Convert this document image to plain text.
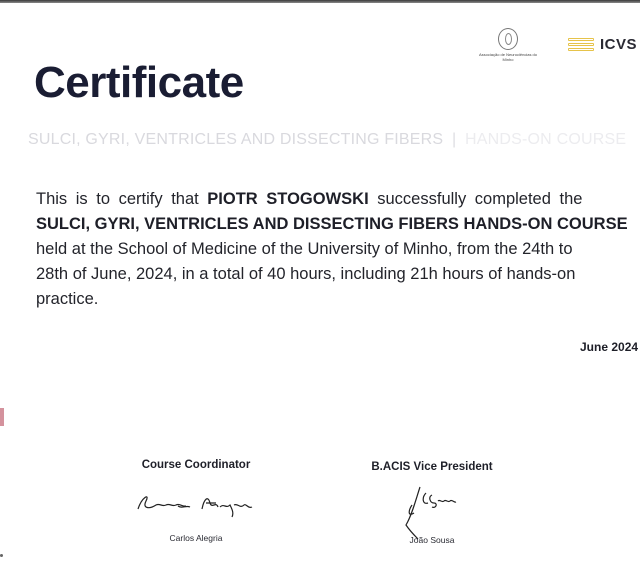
Associação de Neurociências do Minho
ICVS
Certificate
SULCI, GYRI, VENTRICLES AND DISSECTING FIBERS | HANDS-ON COURSE
This is to certify that PIOTR STOGOWSKI successfully completed the
SULCI, GYRI, VENTRICLES AND DISSECTING FIBERS HANDS-ON COURSE
held at the School of Medicine of the University of Minho, from the 24th to
28th of June, 2024, in a total of 40 hours, including 21h hours of hands-on
practice.
June 2024
Course Coordinator
Carlos Alegria
B.ACIS Vice President
João Sousa
